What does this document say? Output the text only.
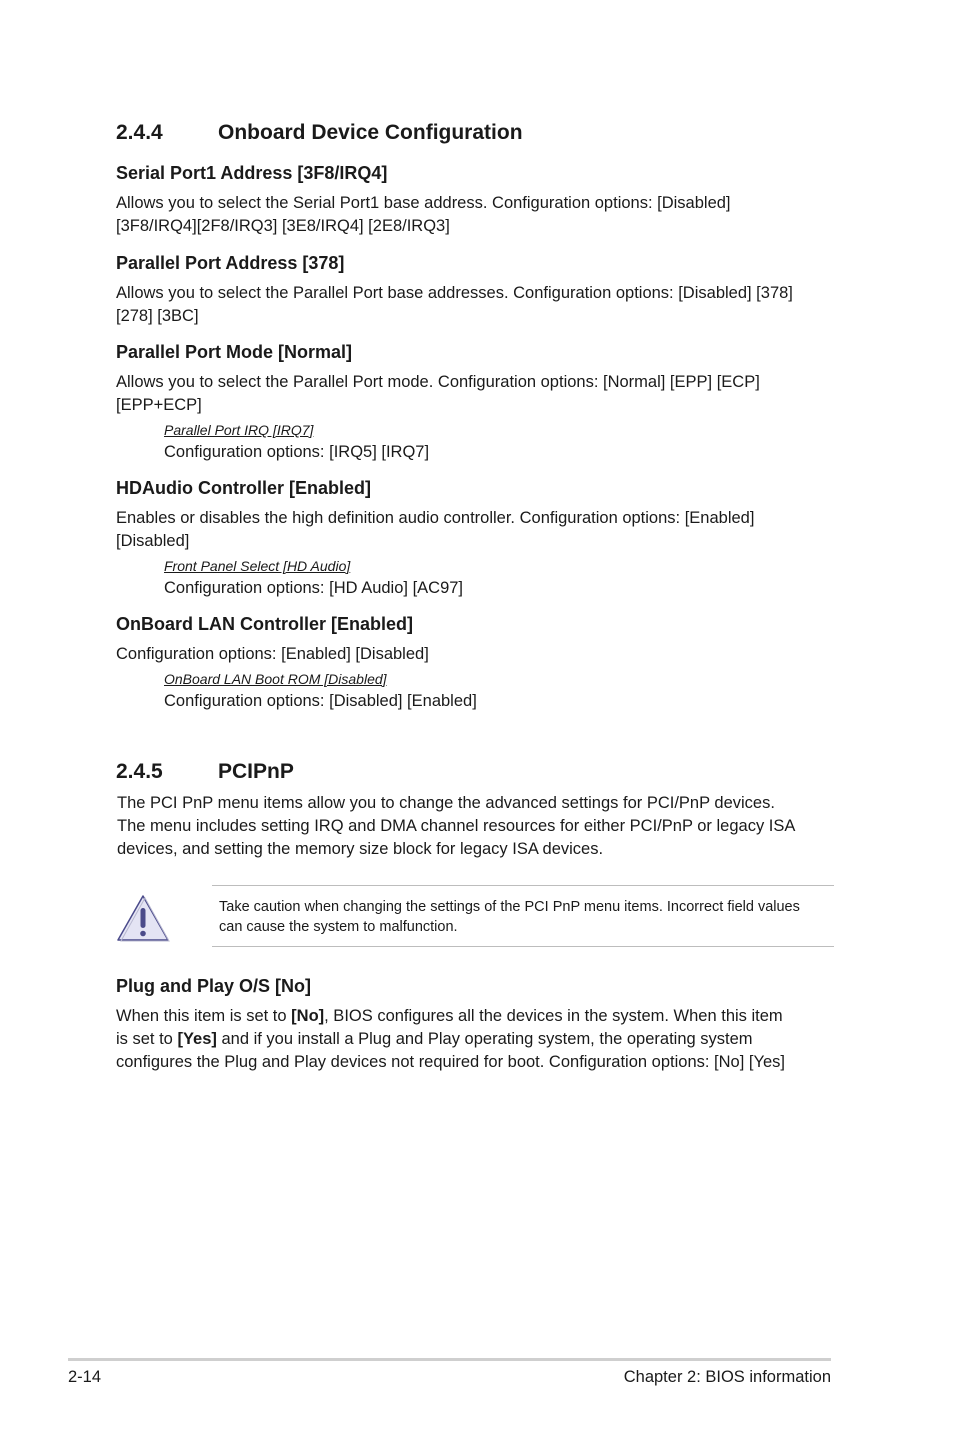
2.4.4	Onboard Device Configuration
Serial Port1 Address [3F8/IRQ4]
Allows you to select the Serial Port1 base address. Configuration options: [Disabled]
[3F8/IRQ4][2F8/IRQ3] [3E8/IRQ4] [2E8/IRQ3]
Parallel Port Address [378]
Allows you to select the Parallel Port base addresses. Configuration options: [Disabled] [378]
[278] [3BC]
Parallel Port Mode [Normal]
Allows you to select the Parallel Port mode. Configuration options: [Normal] [EPP] [ECP]
[EPP+ECP]
Parallel Port IRQ [IRQ7]
Configuration options: [IRQ5] [IRQ7]
HDAudio Controller [Enabled]
Enables or disables the high definition audio controller. Configuration options: [Enabled]
[Disabled]
Front Panel Select [HD Audio]
Configuration options: [HD Audio] [AC97]
OnBoard LAN Controller [Enabled]
Configuration options: [Enabled] [Disabled]
OnBoard LAN Boot ROM [Disabled]
Configuration options: [Disabled] [Enabled]
2.4.5	PCIPnP
The PCI PnP menu items allow you to change the advanced settings for PCI/PnP devices.
The menu includes setting IRQ and DMA channel resources for either PCI/PnP or legacy ISA
devices, and setting the memory size block for legacy ISA devices.
Take caution when changing the settings of the PCI PnP menu items. Incorrect field values
can cause the system to malfunction.
Plug and Play O/S [No]
When this item is set to [No], BIOS configures all the devices in the system. When this item
is set to [Yes] and if you install a Plug and Play operating system, the operating system
configures the Plug and Play devices not required for boot. Configuration options: [No] [Yes]
2-14	Chapter 2: BIOS information
